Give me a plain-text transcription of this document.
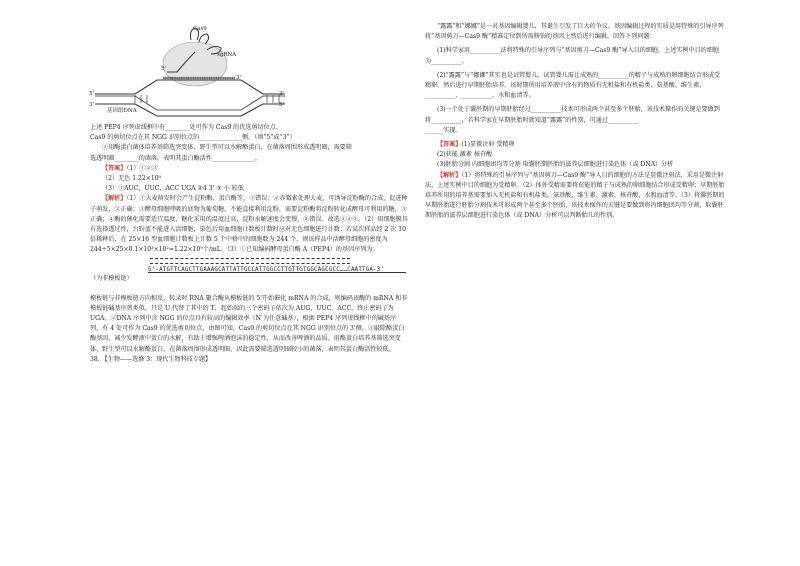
Cas9
sgRNA
5'
3'
5'
3'
3'
5'
基因组DNA

上述 PEP4 序列虚线框中有________处可作为 Cas9 的优选剪切位点。

Cas9 的剪切位点在其 NGG 识别位点的______________侧。（填“5”或“3”）

③用酶蛋白菌体培养基筛选突变体，野生型可以水解酪蛋白，在菌落周围形成透明圈，需要筛

选透明圈________的菌落，表明其蛋白酶活性______________。

【答案】（1）①②③

（2）无色 1.22×10⁹

（3）①AUC、UUC、ACC UGA ②4 3' ③ 小 较低

【解析】（1）①大麦萌发时会产生淀粉酶、蛋白酶等，①错误；②赤霉素处理大麦，可诱导淀粉酶的合成，促进种子萌发，②正确；③酵母细胞呼吸的底物为葡萄糖，不能直接利用淀粉，需要淀粉酶将淀粉转化成酵母可利用的糖，③正确；④酶的催化需要适宜温度，糖化采用的温度过高，淀粉水解速度会变慢，④错误。故选③②③。（2）用细胞膜具有选择透过性，台盼蓝不能进入活细胞，染色后用血细胞计数板计数时应对无色细胞进行计数；若某次样品经 2 次 10 倍稀释后，在 25×16 型血细胞计数板上计数 5 个中格中的细胞数为 244 个，则该样品中活酵母细胞的密度为 244÷5×25×0.1×10³×10²=1.22×10⁹个/mL。（3）①已知编码酵母蛋白酶 A（PEP4）的基因序列为：

5'-ATGTTCAGCTTGAAAGCATTATTGCCATTGGCCTTGTTGTGGCAGCGCC……CAATTGA-3'
（为非模板链）

模板链与非模板链方向相反，转录时 RNA 聚合酶从模板链的 5'开始催化 mRNA 的合成，则编码该酶的 mRNA 和非模板链碱基序列类似，只是 U 代替了其中的 T，起始端的三个密码子依次为 AUG、UUC、ACC，终止密码子为 UGA。②DNA 序列中含 NGG 的位点具有较高的编辑效率（N 为任意碱基），根据 PEP4 序列虚线框中的碱基序列，有 4 处可作为 Cas9 的优选剪切位点，由图可知，Cas9 的剪切位点在其 NGG 识别位点的 3'侧。③敲除酪蛋白酶基因，减少发酵液中蛋白的水解，有助于增强啤酒泡沫的稳定性，从而改善啤酒的品质。用酪蛋白培养基筛选突变体，野生型可以水解酪蛋白，在菌落周围形成透明圈，因此需要筛选透明圈较小的菌落，表明其蛋白酶活性较低。

38. 【生物——选修 3：现代生物科技专题】

“露露”和“娜娜”是一对基因编辑婴儿，其诞生引发了巨大的争议。基因编辑过程的实质是用特殊的引导序列将“基因剪刀—Cas9 酶”精准定位到所需修饰的基因上然后进行编辑。回答下列问题：

(1)科学家用__________法将特殊的引导序列与“基因剪刀—Cas9 酶”导入目的细胞，上述实例中目的细胞为__________。

(2)“露露”与“娜娜”其实也是试管婴儿，试管婴儿需让成熟的__________的精子与成熟的卵细胞结合形成受精卵，然后进行早期胚胎培养。该时期所用培养液中含有的物质有无机盐和有机盐类、氨基酸、维生素、__________、__________、水和血清等。

(3)一个处于囊胚期的早期胚胎经过__________技术可形成两个甚至多个胚胎，该技术操作的关键是要做到将__________，若科学家在早期胚胎时就知道“露露”的性别，可通过__________

______实现。

【答案】(1)显微注射 受精卵

(2)获能 激素 核苷酸

(3)胚胎分割 内细胞团均等分割 取囊胚期胚胎的滋养层细胞进行染色体（或 DNA）分析

【解析】（1）将特殊的引导序列与“基因剪刀—Cas9 酶”导入目的细胞的方法是显微注射法，采用是微注射法，上述实例中目的细胞为受精卵。（2）体外受精需要将获能的精子与成熟的卵细胞结合形成受精卵；早期胚胎培养所用的培养基需要加入无机盐和有机盐类、氨基酸、维生素、激素、核苷酸、水和血清等。（3）将囊胚期的早期胚胎进行胚胎分割技术可形成两个甚至多个胚胎，该技术操作的关键是要做到将内细胞团均等分割，取囊胚期胚胎的滋养层细胞进行染色体（或 DNA）分析可以判断胎儿的性别。
